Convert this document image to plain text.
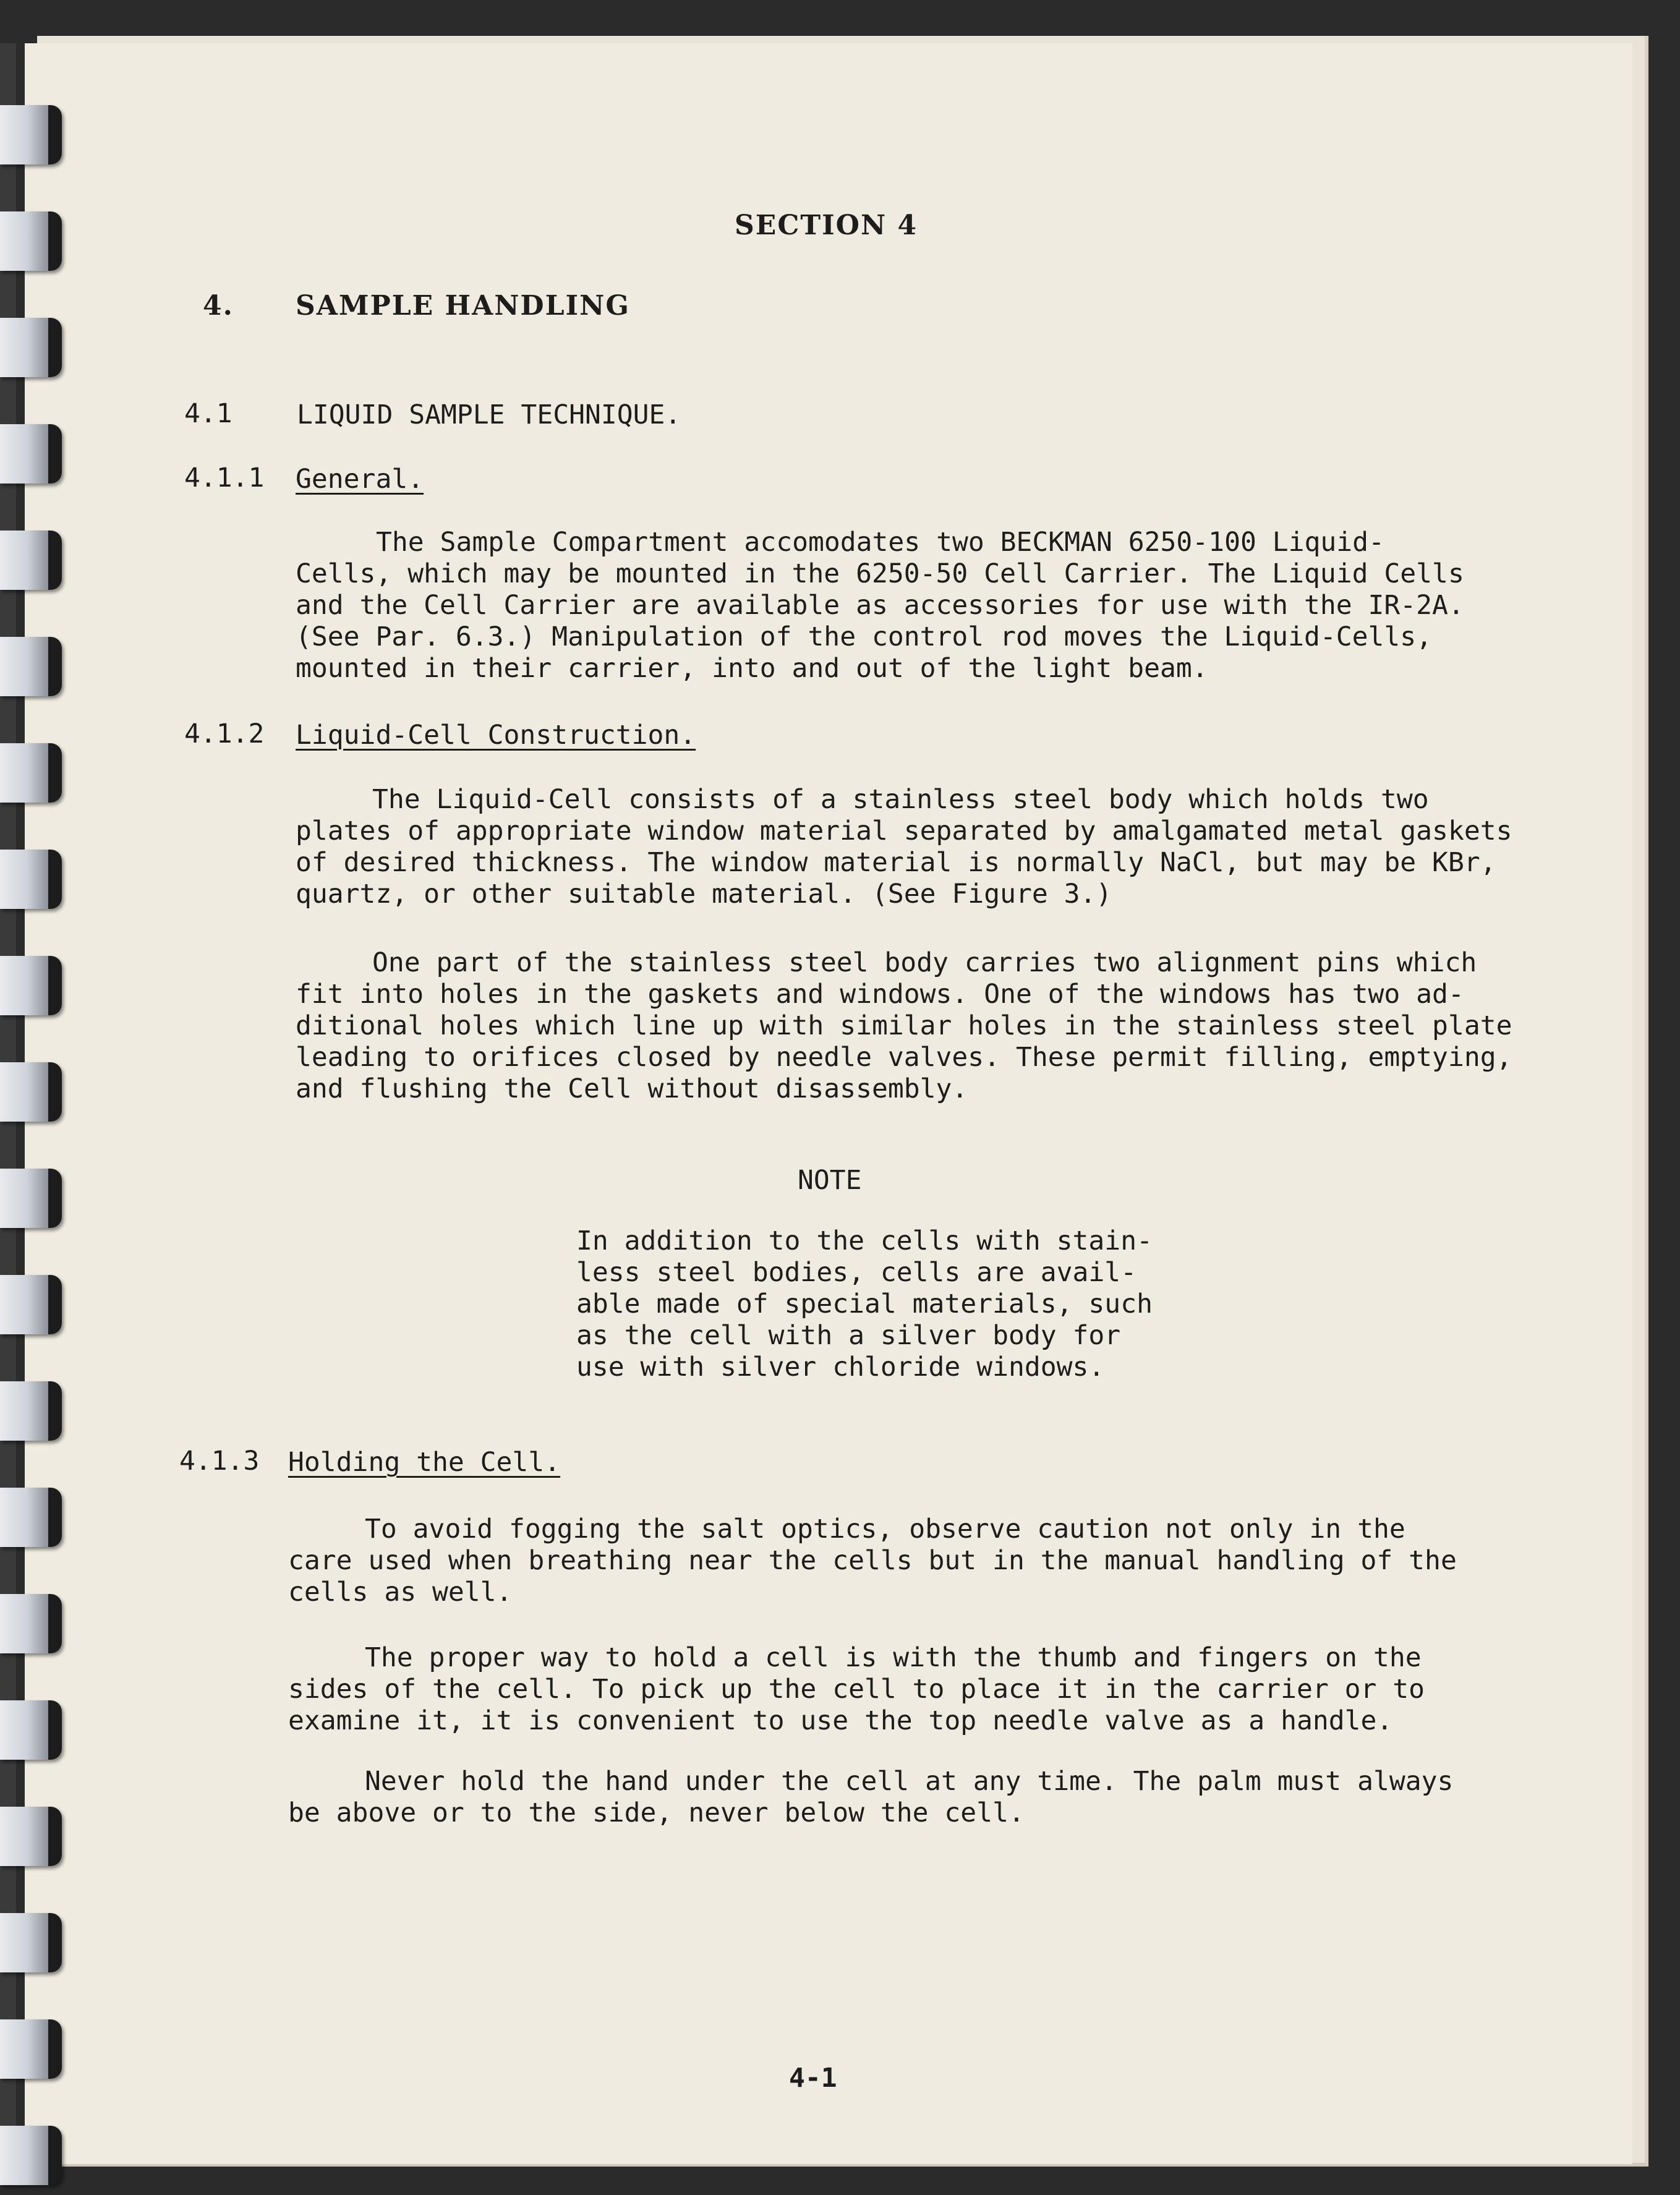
SECTION 4
4. SAMPLE HANDLING
4.1 LIQUID SAMPLE TECHNIQUE.
4.1.1 General.
The Sample Compartment accomodates two BECKMAN 6250-100 Liquid-
Cells, which may be mounted in the 6250-50 Cell Carrier. The Liquid Cells
and the Cell Carrier are available as accessories for use with the IR-2A.
(See Par. 6.3.) Manipulation of the control rod moves the Liquid-Cells,
mounted in their carrier, into and out of the light beam.
4.1.2 Liquid-Cell Construction.
The Liquid-Cell consists of a stainless steel body which holds two
plates of appropriate window material separated by amalgamated metal gaskets
of desired thickness. The window material is normally NaCl, but may be KBr,
quartz, or other suitable material. (See Figure 3.)
One part of the stainless steel body carries two alignment pins which
fit into holes in the gaskets and windows. One of the windows has two ad-
ditional holes which line up with similar holes in the stainless steel plate
leading to orifices closed by needle valves. These permit filling, emptying,
and flushing the Cell without disassembly.
NOTE
In addition to the cells with stain-
less steel bodies, cells are avail-
able made of special materials, such
as the cell with a silver body for
use with silver chloride windows.
4.1.3 Holding the Cell.
To avoid fogging the salt optics, observe caution not only in the
care used when breathing near the cells but in the manual handling of the
cells as well.
The proper way to hold a cell is with the thumb and fingers on the
sides of the cell. To pick up the cell to place it in the carrier or to
examine it, it is convenient to use the top needle valve as a handle.
Never hold the hand under the cell at any time. The palm must always
be above or to the side, never below the cell.
4-1
